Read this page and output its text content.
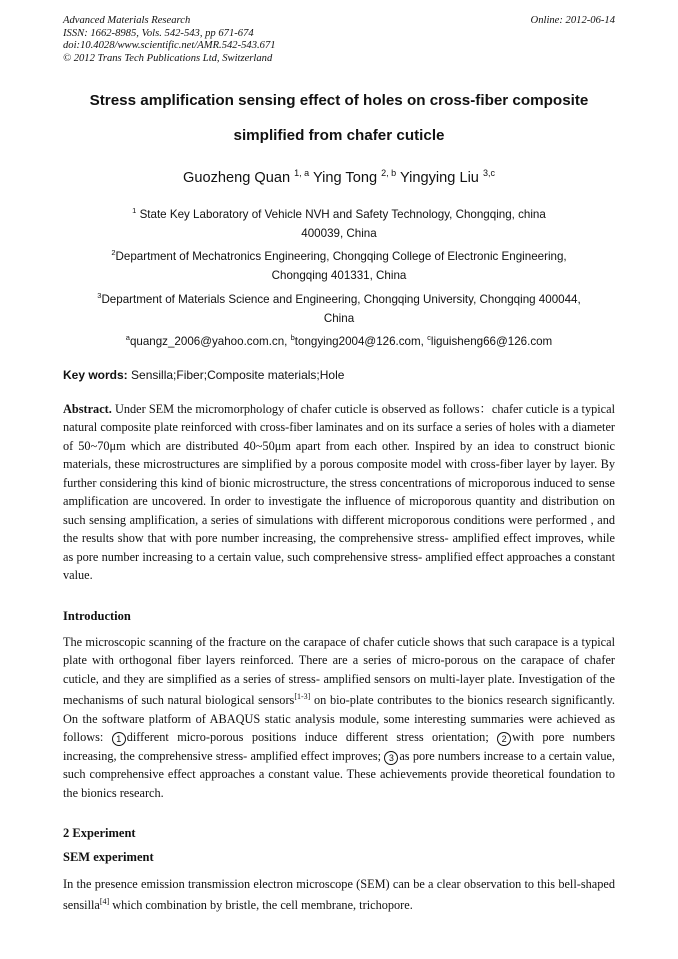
Advanced Materials Research
ISSN: 1662-8985, Vols. 542-543, pp 671-674
doi:10.4028/www.scientific.net/AMR.542-543.671
© 2012 Trans Tech Publications Ltd, Switzerland
Online: 2012-06-14
Stress amplification sensing effect of holes on cross-fiber composite
simplified from chafer cuticle
Guozheng Quan $^{1, a}$ Ying Tong $^{2, b}$ Yingying Liu $^{3,c}$
$^1$ State Key Laboratory of Vehicle NVH and Safety Technology, Chongqing, china
400039, China
$^2$Department of Mechatronics Engineering, Chongqing College of Electronic Engineering,
Chongqing 401331, China
$^3$Department of Materials Science and Engineering, Chongqing University, Chongqing 400044,
China
$^a$quangz_2006@yahoo.com.cn, $^b$tongying2004@126.com, $^c$liguisheng66@126.com
Key words: Sensilla;Fiber;Composite materials;Hole
Abstract. Under SEM the micromorphology of chafer cuticle is observed as follows：chafer cuticle is a typical natural composite plate reinforced with cross-fiber laminates and on its surface a series of holes with a diameter of 50~70μm which are distributed 40~50μm apart from each other. Inspired by an idea to construct bionic materials, these microstructures are simplified by a porous composite model with cross-fiber layer by layer. By further considering this kind of bionic microstructure, the stress concentrations of microporous induced to sense amplification are uncovered. In order to investigate the influence of microporous quantity and distribution on such sensing amplification, a series of simulations with different microporous conditions were performed , and the results show that with pore number increasing, the comprehensive stress- amplified effect improves, while as pore number increasing to a certain value, such comprehensive stress- amplified effect approaches a constant value.
Introduction
The microscopic scanning of the fracture on the carapace of chafer cuticle shows that such carapace is a typical plate with orthogonal fiber layers reinforced. There are a series of micro-porous on the carapace of chafer cuticle, and they are simplified as a series of stress- amplified sensors on multi-layer plate. Investigation of the mechanisms of such natural biological sensors[1-3] on bio-plate contributes to the bionics research significantly. On the software platform of ABAQUS static analysis module, some interesting summaries were achieved as follows: 1 different micro-porous positions induce different stress orientation; 2 with pore numbers increasing, the comprehensive stress- amplified effect improves; 3 as pore numbers increase to a certain value, such comprehensive effect approaches a constant value. These achievements provide theoretical foundation to the bionics research.
2 Experiment
SEM experiment
In the presence emission transmission electron microscope (SEM) can be a clear observation to this bell-shaped sensilla[4] which combination by bristle, the cell membrane, trichopore.
